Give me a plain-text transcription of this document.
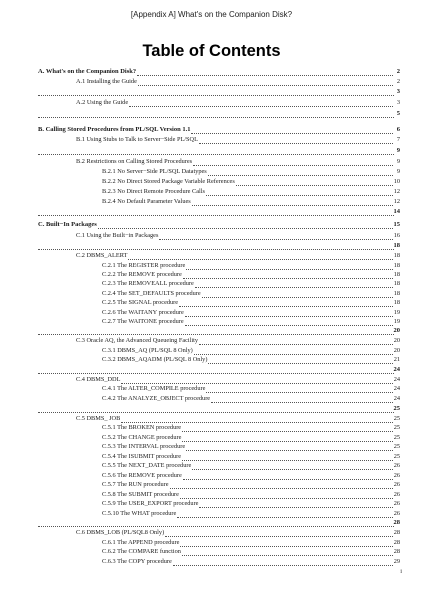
[Appendix A] What's on the Companion Disk?
Table of Contents
A. What's on the Companion Disk?	2
A.1 Installing the Guide	2
3
A.2 Using the Guide	3
5
B. Calling Stored Procedures from PL/SQL Version 1.1	6
B.1 Using Stubs to Talk to Server−Side PL/SQL	7
9
B.2 Restrictions on Calling Stored Procedures	9
B.2.1 No Server−Side PL/SQL Datatypes	9
B.2.2 No Direct Stored Package Variable References	10
B.2.3 No Direct Remote Procedure Calls	12
B.2.4 No Default Parameter Values	12
14
C. Built−In Packages	15
C.1 Using the Built−in Packages	16
18
C.2 DBMS_ALERT	18
C.2.1 The REGISTER procedure	18
C.2.2 The REMOVE procedure	18
C.2.3 The REMOVEALL procedure	18
C.2.4 The SET_DEFAULTS procedure	18
C.2.5 The SIGNAL procedure	18
C.2.6 The WAITANY procedure	19
C.2.7 The WAITONE procedure	19
20
C.3 Oracle AQ, the Advanced Queueing Facility	20
C.3.1 DBMS_AQ (PL/SQL 8 Only)	20
C.3.2 DBMS_AQADM (PL/SQL 8 Only)	21
24
C.4 DBMS_DDL	24
C.4.1 The ALTER_COMPILE procedure	24
C.4.2 The ANALYZE_OBJECT procedure	24
25
C.5 DBMS_ JOB	25
C.5.1 The BROKEN procedure	25
C.5.2 The CHANGE procedure	25
C.5.3 The INTERVAL procedure	25
C.5.4 The ISUBMIT procedure	25
C.5.5 The NEXT_DATE procedure	26
C.5.6 The REMOVE procedure	26
C.5.7 The RUN procedure	26
C.5.8 The SUBMIT procedure	26
C.5.9 The USER_EXPORT procedure	26
C.5.10 The WHAT procedure	26
28
C.6 DBMS_LOB (PL/SQL8 Only)	28
C.6.1 The APPEND procedure	28
C.6.2 The COMPARE function	28
C.6.3 The COPY procedure	29
i
